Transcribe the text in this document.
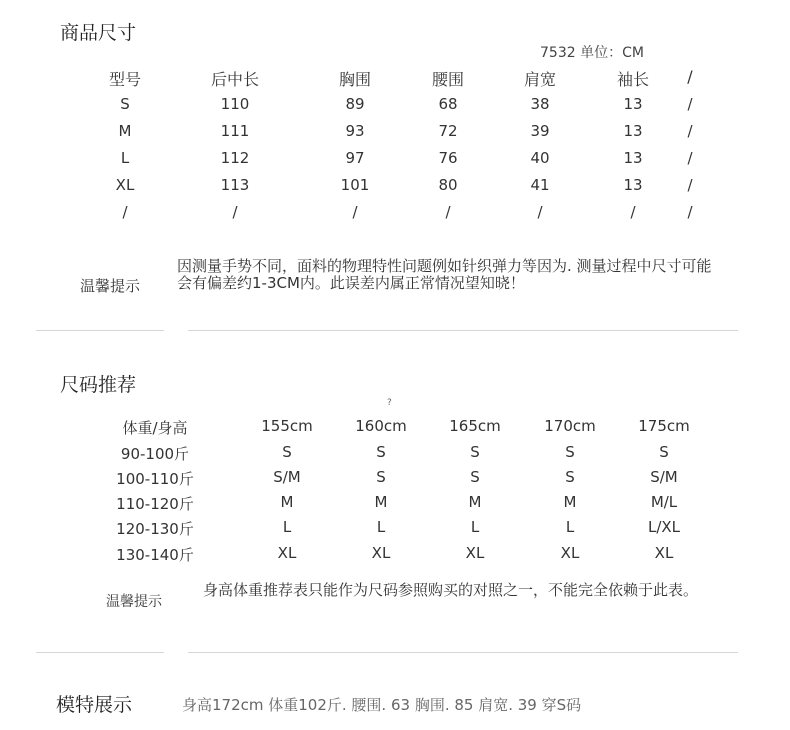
商品尺寸
7532 单位：CM
型号	后中长	胸围	腰围	肩宽	袖长	/
S	110	89	68	38	13	/
M	111	93	72	39	13	/
L	112	97	76	40	13	/
XL	113	101	80	41	13	/
/	/	/	/	/	/	/
温馨提示
因测量手势不同，面料的物理特性问题例如针织弹力等因为. 测量过程中尺寸可能会有偏差约1-3CM内。此误差内属正常情况望知晓！
尺码推荐
?
体重/身高	155cm	160cm	165cm	170cm	175cm
90-100斤	S	S	S	S	S
100-110斤	S/M	S	S	S	S/M
110-120斤	M	M	M	M	M/L
120-130斤	L	L	L	L	L/XL
130-140斤	XL	XL	XL	XL	XL
温馨提示
身高体重推荐表只能作为尺码参照购买的对照之一，不能完全依赖于此表。
模特展示	身高172cm 体重102斤. 腰围. 63 胸围. 85 肩宽. 39 穿S码
